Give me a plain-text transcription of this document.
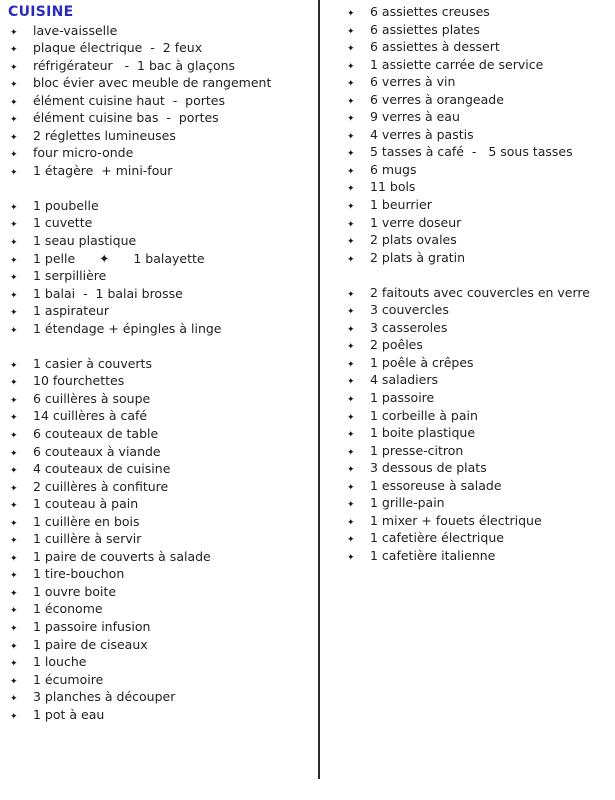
CUISINE
✦	lave-vaisselle
✦	plaque électrique  -  2 feux
✦	réfrigérateur   -  1 bac à glaçons
✦	bloc évier avec meuble de rangement
✦	élément cuisine haut  -  portes
✦	élément cuisine bas  -  portes
✦	2 réglettes lumineuses
✦	four micro-onde
✦	1 étagère  + mini-four
✦	1 poubelle
✦	1 cuvette
✦	1 seau plastique
✦	1 pelle      ✦      1 balayette
✦	1 serpillière
✦	1 balai  -  1 balai brosse
✦	1 aspirateur
✦	1 étendage + épingles à linge
✦	1 casier à couverts
✦	10 fourchettes
✦	6 cuillères à soupe
✦	14 cuillères à café
✦	6 couteaux de table
✦	6 couteaux à viande
✦	4 couteaux de cuisine
✦	2 cuillères à confiture
✦	1 couteau à pain
✦	1 cuillère en bois
✦	1 cuillère à servir
✦	1 paire de couverts à salade
✦	1 tire-bouchon
✦	1 ouvre boite
✦	1 économe
✦	1 passoire infusion
✦	1 paire de ciseaux
✦	1 louche
✦	1 écumoire
✦	3 planches à découper
✦	1 pot à eau
✦	6 assiettes creuses
✦	6 assiettes plates
✦	6 assiettes à dessert
✦	1 assiette carrée de service
✦	6 verres à vin
✦	6 verres à orangeade
✦	9 verres à eau
✦	4 verres à pastis
✦	5 tasses à café  -   5 sous tasses
✦	6 mugs
✦	11 bols
✦	1 beurrier
✦	1 verre doseur
✦	2 plats ovales
✦	2 plats à gratin
✦	2 faitouts avec couvercles en verre
✦	3 couvercles
✦	3 casseroles
✦	2 poêles
✦	1 poêle à crêpes
✦	4 saladiers
✦	1 passoire
✦	1 corbeille à pain
✦	1 boite plastique
✦	1 presse-citron
✦	3 dessous de plats
✦	1 essoreuse à salade
✦	1 grille-pain
✦	1 mixer + fouets électrique
✦	1 cafetière électrique
✦	1 cafetière italienne
